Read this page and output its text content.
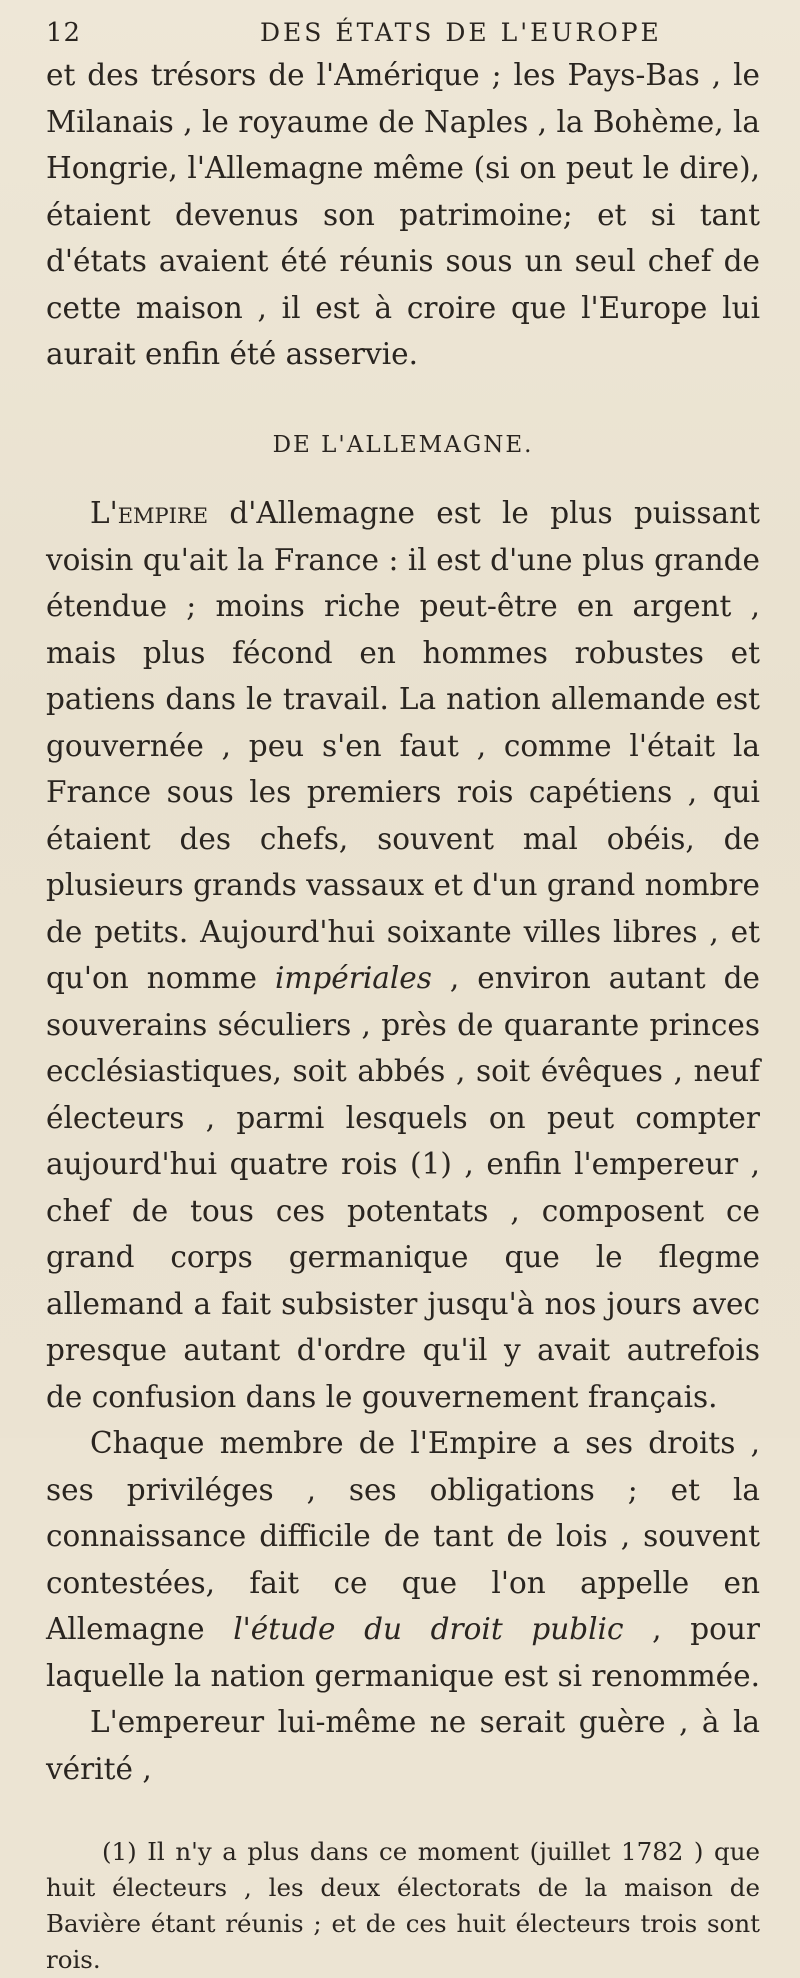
12	DES ÉTATS DE L'EUROPE

et des trésors de l'Amérique ; les Pays-Bas , le Milanais , le royaume de Naples , la Bohème, la Hongrie, l'Allemagne même (si on peut le dire), étaient devenus son patrimoine; et si tant d'états avaient été réunis sous un seul chef de cette maison , il est à croire que l'Europe lui aurait enfin été asservie.

DE L'ALLEMAGNE.

L'empire d'Allemagne est le plus puissant voisin qu'ait la France : il est d'une plus grande étendue ; moins riche peut-être en argent , mais plus fécond en hommes robustes et patiens dans le travail. La nation allemande est gouvernée , peu s'en faut , comme l'était la France sous les premiers rois capétiens , qui étaient des chefs, souvent mal obéis, de plusieurs grands vassaux et d'un grand nombre de petits. Aujourd'hui soixante villes libres , et qu'on nomme impériales , environ autant de souverains séculiers , près de quarante princes ecclésiastiques, soit abbés , soit évêques , neuf électeurs , parmi lesquels on peut compter aujourd'hui quatre rois (1) , enfin l'empereur , chef de tous ces potentats , composent ce grand corps germanique que le flegme allemand a fait subsister jusqu'à nos jours avec presque autant d'ordre qu'il y avait autrefois de confusion dans le gouvernement français.

Chaque membre de l'Empire a ses droits , ses priviléges , ses obligations ; et la connaissance difficile de tant de lois , souvent contestées, fait ce que l'on appelle en Allemagne l'étude du droit public , pour laquelle la nation germanique est si renommée.

L'empereur lui-même ne serait guère , à la vérité ,

(1) Il n'y a plus dans ce moment (juillet 1782 ) que huit électeurs , les deux électorats de la maison de Bavière étant réunis ; et de ces huit électeurs trois sont rois.
